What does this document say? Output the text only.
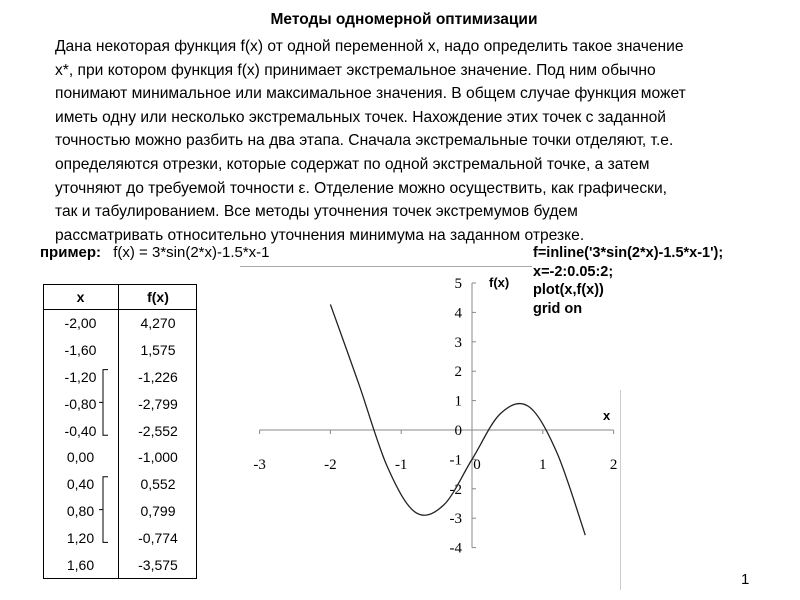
Методы одномерной оптимизации
Дана некоторая функция f(x) от одной переменной x, надо определить такое значение
x*, при котором функция f(x) принимает экстремальное значение. Под ним обычно
понимают минимальное или максимальное значения. В общем случае функция может
иметь одну или несколько экстремальных точек. Нахождение этих точек с заданной
точностью можно разбить на два этапа. Сначала экстремальные точки отделяют, т.е.
определяются отрезки, которые содержат по одной экстремальной точке, а затем
уточняют до требуемой точности ε. Отделение можно осуществить, как графически,
так и табулированием. Все методы уточнения точек экстремумов будем
рассматривать относительно уточнения минимума на заданном отрезке.
пример: f(x) = 3*sin(2*x)-1.5*x-1	f=inline('3*sin(2*x)-1.5*x-1');
x=-2:0.05:2;
plot(x,f(x))
grid on
x	f(x)
-2,00	4,270
-1,60	1,575
-1,20	-1,226
-0,80	-2,799
-0,40	-2,552
0,00	-1,000
0,40	0,552
0,80	0,799
1,20	-0,774
1,60	-3,575
-3	-2	-1	0	1	2
-4
-3
-2
-1
0
1
2
3
4
5
x
f(x)
1
